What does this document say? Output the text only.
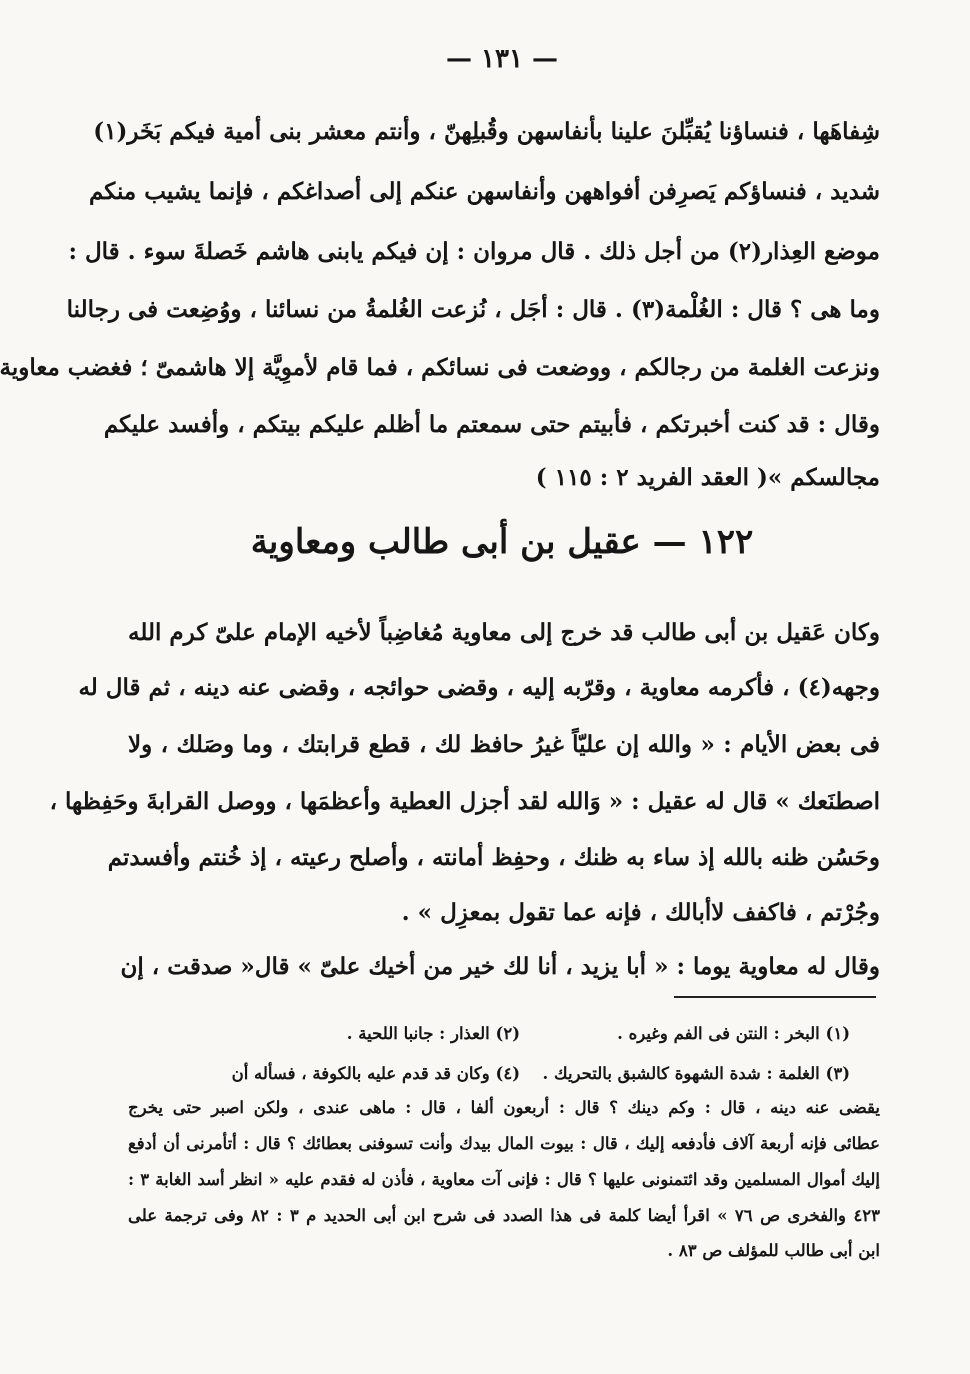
— ١٣١ —
شِفاهَها ، فنساؤنا يُقبِّلنَ علينا بأنفاسهن وقُبلِهنّ ، وأنتم معشر بنى أمية فيكم بَخَر(١)
شديد ، فنساؤكم يَصرِفن أفواههن وأنفاسهن عنكم إلى أصداغكم ، فإنما يشيب منكم
موضع العِذار(٢) من أجل ذلك . قال مروان : إن فيكم يابنى هاشم خَصلةَ سوء . قال :
وما هى ؟ قال : الغُلْمة(٣) . قال : أجَل ، نُزعت الغُلمةُ من نسائنا ، ووُضِعت فى رجالنا
ونزعت الغلمة من رجالكم ، ووضعت فى نسائكم ، فما قام لأموِيَّة إلا هاشمىّ ؛ فغضب معاوية
وقال : قد كنت أخبرتكم ، فأبيتم حتى سمعتم ما أظلم عليكم بيتكم ، وأفسد عليكم
مجالسكم »( العقد الفريد ٢ : ١١٥ )
١٢٢ — عقيل بن أبى طالب ومعاوية
وكان عَقيل بن أبى طالب قد خرج إلى معاوية مُغاضِباً لأخيه الإمام علىّ كرم الله
وجهه(٤) ، فأكرمه معاوية ، وقرّبه إليه ، وقضى حوائجه ، وقضى عنه دينه ، ثم قال له
فى بعض الأيام : « والله إن عليّاً غيرُ حافظ لك ، قطع قرابتك ، وما وصَلك ، ولا
اصطنَعك » قال له عقيل : « وَالله لقد أجزل العطية وأعظمَها ، ووصل القرابةَ وحَفِظها ،
وحَسُن ظنه بالله إذ ساء به ظنك ، وحفِظ أمانته ، وأصلح رعيته ، إذ خُنتم وأفسدتم
وجُرْتم ، فاكفف لاأبالك ، فإنه عما تقول بمعزِل » .
وقال له معاوية يوما : « أبا يزيد ، أنا لك خير من أخيك علىّ » قال« صدقت ، إن
(١) البخر : النتن فى الفم وغيره .
(٢) العذار : جانبا اللحية .
(٣) الغلمة : شدة الشهوة كالشبق بالتحريك .
(٤) وكان قد قدم عليه بالكوفة ، فسأله أن
يقضى عنه دينه ، قال : وكم دينك ؟ قال : أربعون ألفا ، قال : ماهى عندى ، ولكن اصبر حتى يخرج
عطائى فإنه أربعة آلاف فأدفعه إليك ، قال : بيوت المال بيدك وأنت تسوفنى بعطائك ؟ قال : أتأمرنى أن أدفع
إليك أموال المسلمين وقد ائتمنونى عليها ؟ قال : فإنى آت معاوية ، فأذن له فقدم عليه « انظر أسد الغابة ٣ :
٤٢٣ والفخرى ص ٧٦ » اقرأ أيضا كلمة فى هذا الصدد فى شرح ابن أبى الحديد م ٣ : ٨٢ وفى ترجمة على
ابن أبى طالب للمؤلف ص ٨٣ .
